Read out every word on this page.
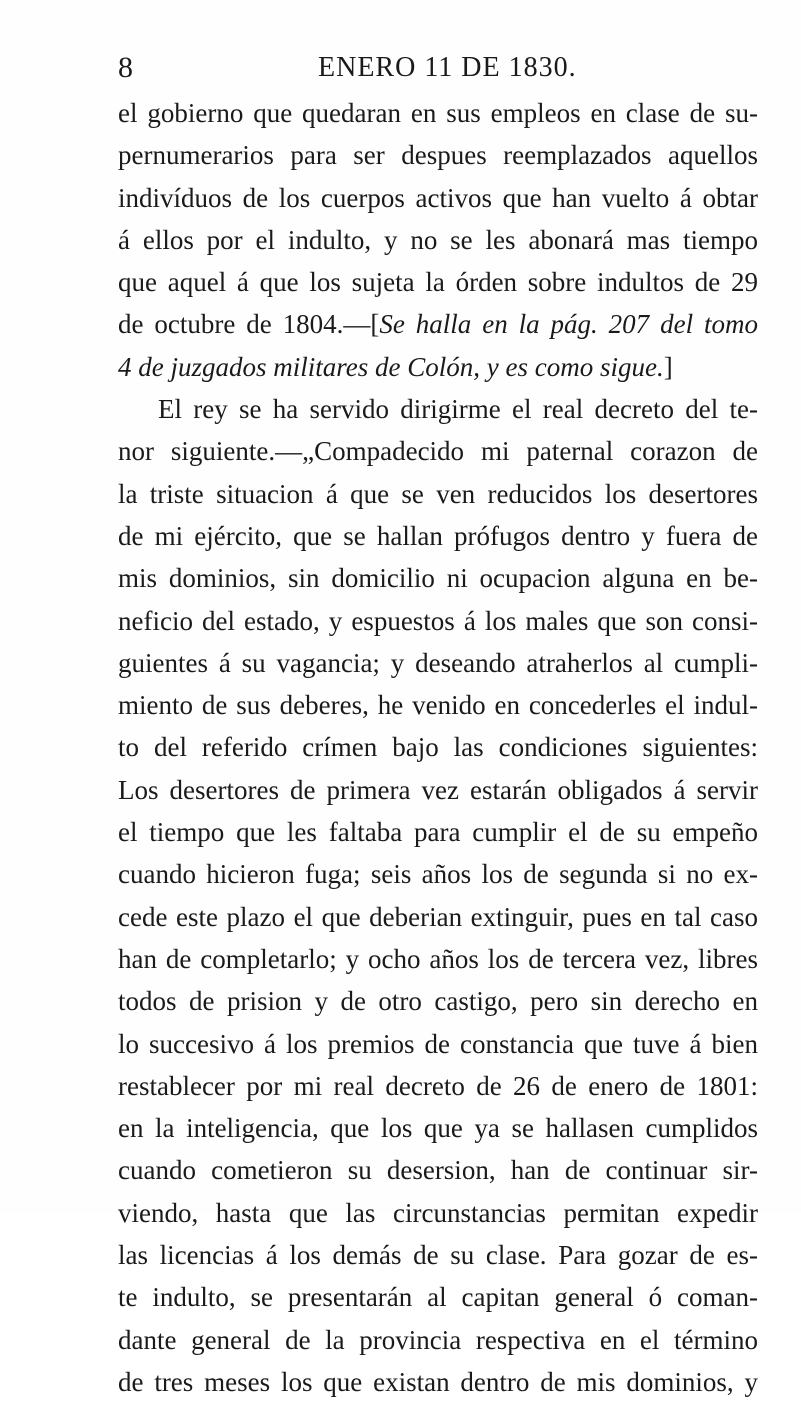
8	ENERO 11 DE 1830.
el gobierno que quedaran en sus empleos en clase de su-
pernumerarios para ser despues reemplazados aquellos
indivíduos de los cuerpos activos que han vuelto á obtar
á ellos por el indulto, y no se les abonará mas tiempo
que aquel á que los sujeta la órden sobre indultos de 29
de octubre de 1804.—[Se halla en la pág. 207 del tomo
4 de juzgados militares de Colón, y es como sigue.]
El rey se ha servido dirigirme el real decreto del te-
nor siguiente.—„Compadecido mi paternal corazon de
la triste situacion á que se ven reducidos los desertores
de mi ejército, que se hallan prófugos dentro y fuera de
mis dominios, sin domicilio ni ocupacion alguna en be-
neficio del estado, y espuestos á los males que son consi-
guientes á su vagancia; y deseando atraherlos al cumpli-
miento de sus deberes, he venido en concederles el indul-
to del referido crímen bajo las condiciones siguientes:
Los desertores de primera vez estarán obligados á servir
el tiempo que les faltaba para cumplir el de su empeño
cuando hicieron fuga; seis años los de segunda si no ex-
cede este plazo el que deberian extinguir, pues en tal caso
han de completarlo; y ocho años los de tercera vez, libres
todos de prision y de otro castigo, pero sin derecho en
lo succesivo á los premios de constancia que tuve á bien
restablecer por mi real decreto de 26 de enero de 1801:
en la inteligencia, que los que ya se hallasen cumplidos
cuando cometieron su desersion, han de continuar sir-
viendo, hasta que las circunstancias permitan expedir
las licencias á los demás de su clase. Para gozar de es-
te indulto, se presentarán al capitan general ó coman-
dante general de la provincia respectiva en el término
de tres meses los que existan dentro de mis dominios, y
